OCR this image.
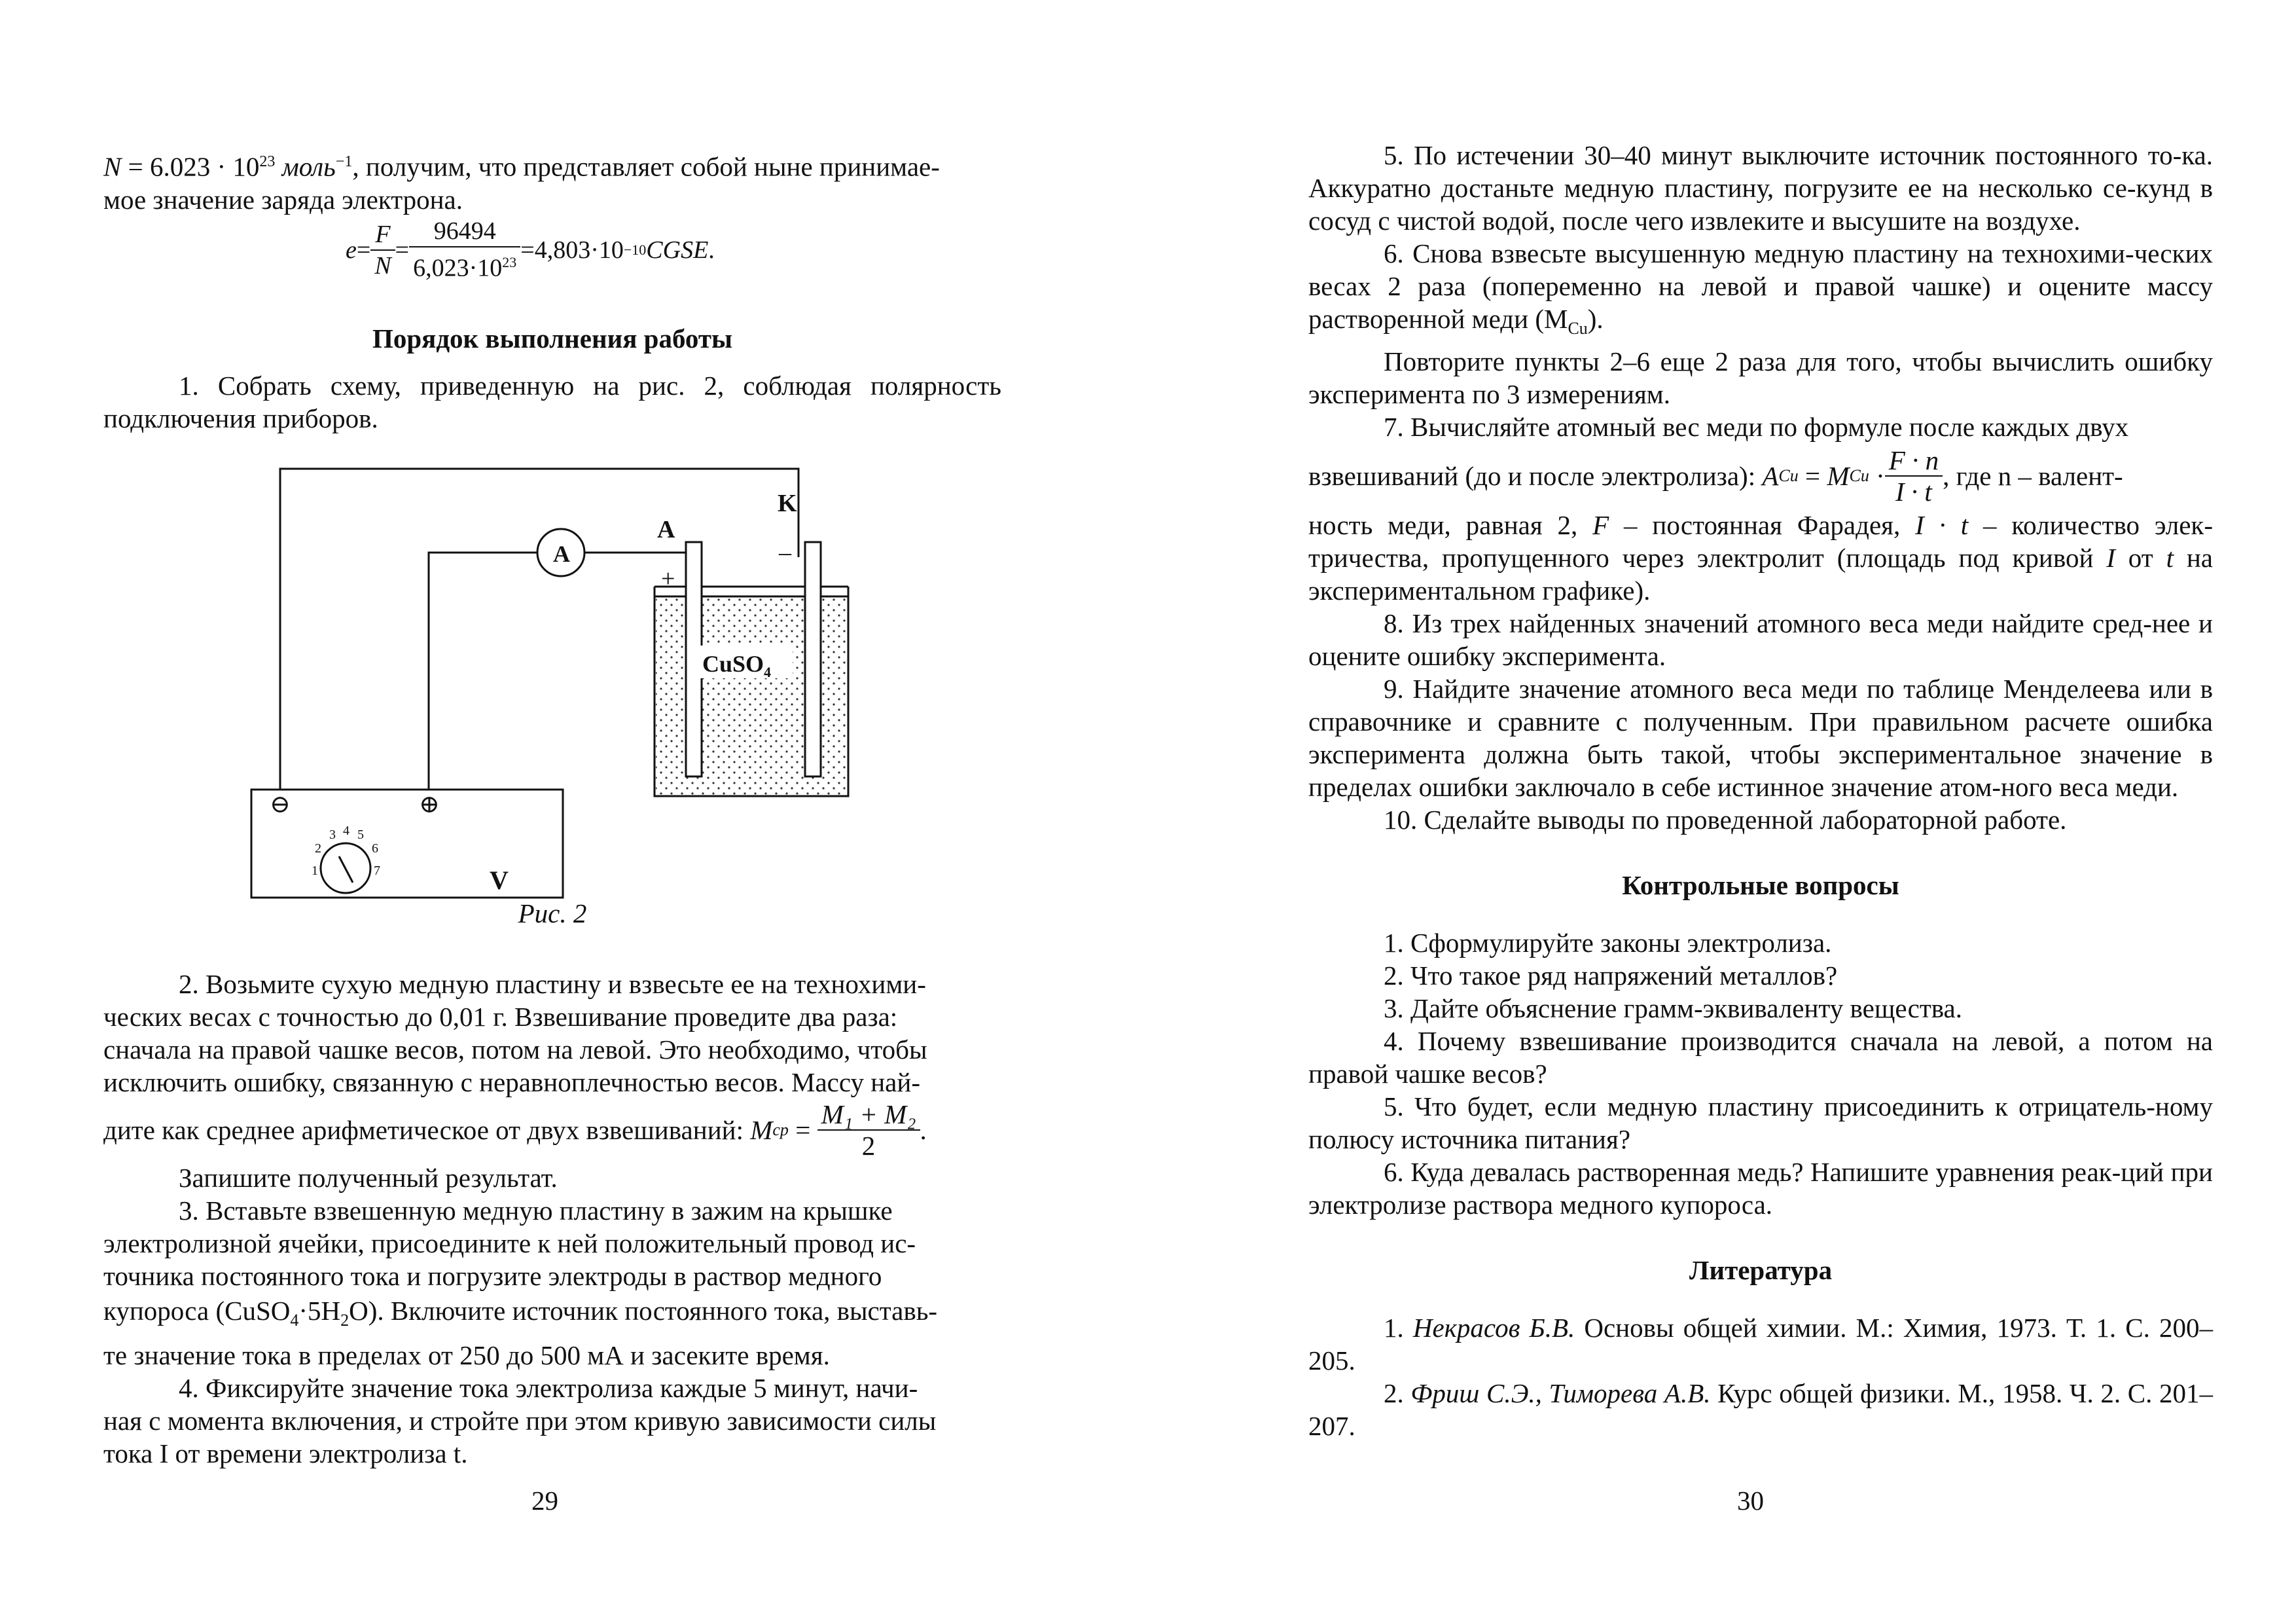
$N = 6.023 \cdot 10^{23}$ моль$^{-1}$, получим, что представляет собой ныне принимае-
мое значение заряда электрона.

$e = \frac{F}{N} = \frac{96494}{6,023\cdot 10^{23}} =4,803\cdot 10 -10$ CGSE .

Порядок выполнения работы

1. Собрать схему, приведенную на рис. 2, соблюдая полярность подключения приборов.

CuSO$_4$
A
A
K
+
–
V
⊖	⊕
1
2
3 4 5
6
7

Рис. 2

2. Возьмите сухую медную пластину и взвесьте ее на технохими-

ческих весах с точностью до 0,01 г. Взвешивание проведите два раза:

сначала на правой чашке весов, потом на левой. Это необходимо, чтобы

исключить ошибку, связанную с неравноплечностью весов. Массу най-

дите как среднее арифметическое от двух взвешиваний: M ср = $\frac{\text{M₁ + M₂}}{2}$ .

Запишите полученный результат.

3. Вставьте взвешенную медную пластину в зажим на крышке

электролизной ячейки, присоедините к ней положительный провод ис-

точника постоянного тока и погрузите электроды в раствор медного

купороса $(CuSO_4\cdot 5H_2O)$. Включите источник постоянного тока, выставь-

те значение тока в пределах от 250 до 500 мА и засеките время.

4. Фиксируйте значение тока электролиза каждые 5 минут, начи-

ная с момента включения, и стройте при этом кривую зависимости силы

тока I от времени электролиза t.

29

5. По истечении 30–40 минут выключите источник постоянного то-ка. Аккуратно достаньте медную пластину, погрузите ее на несколько се-кунд в сосуд с чистой водой, после чего извлеките и высушите на воздухе.

6. Снова взвесьте высушенную медную пластину на технохими-ческих весах 2 раза (попеременно на левой и правой чашке) и оцените массу растворенной меди $(M_{Cu})$.

Повторите пункты 2–6 еще 2 раза для того, чтобы вычислить ошибку эксперимента по 3 измерениям.

7. Вычисляйте атомный вес меди по формуле после каждых двух

взвешиваний (до и после электролиза): A Cu = M $Cu \cdot \frac{F \cdot n}{I \cdot t}$ , где n – валент-

ность меди, равная 2, F – постоянная Фарадея, I · t – количество элек-тричества, пропущенного через электролит (площадь под кривой I от t на экспериментальном графике).

8. Из трех найденных значений атомного веса меди найдите сред-нее и оцените ошибку эксперимента.

9. Найдите значение атомного веса меди по таблице Менделеева или в справочнике и сравните с полученным. При правильном расчете ошибка эксперимента должна быть такой, чтобы экспериментальное значение в пределах ошибки заключало в себе истинное значение атом-ного веса меди.

10. Сделайте выводы по проведенной лабораторной работе.

Контрольные вопросы

1. Сформулируйте законы электролиза.

2. Что такое ряд напряжений металлов?

3. Дайте объяснение грамм-эквиваленту вещества.

4. Почему взвешивание производится сначала на левой, а потом на правой чашке весов?

5. Что будет, если медную пластину присоединить к отрицатель-ному полюсу источника питания?

6. Куда девалась растворенная медь? Напишите уравнения реак-ций при электролизе раствора медного купороса.

Литература

1. Некрасов Б.В. Основы общей химии. М.: Химия, 1973. Т. 1. С. 200–205.

2. Фриш С.Э., Тиморева А.В. Курс общей физики. М., 1958. Ч. 2. С. 201–207.

30
